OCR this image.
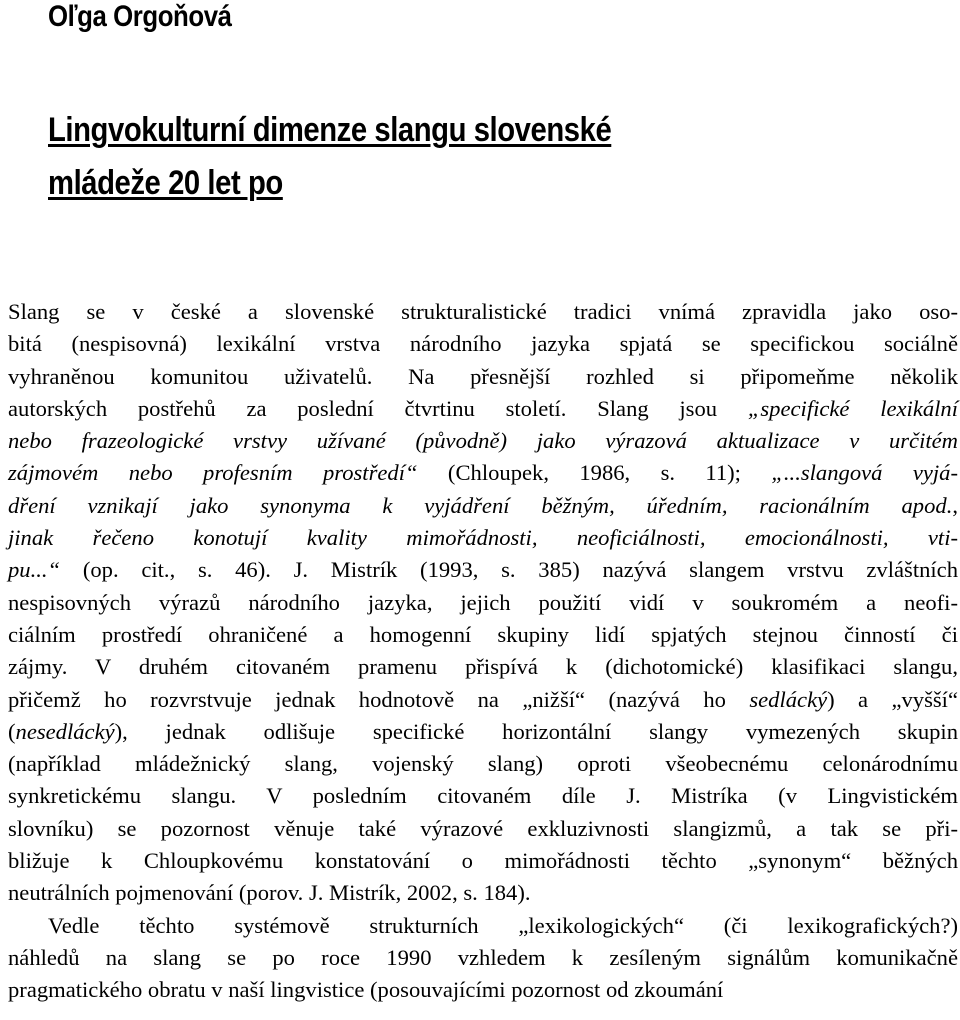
Oľga Orgoňová
Lingvokulturní dimenze slangu slovenské
mládeže 20 let po
Slang se v české a slovenské strukturalistické tradici vnímá zpravidla jako oso-
bitá (nespisovná) lexikální vrstva národního jazyka spjatá se specifickou sociálně
vyhraněnou komunitou uživatelů. Na přesnější rozhled si připomeňme několik
autorských postřehů za poslední čtvrtinu století. Slang jsou „specifické lexikální
nebo frazeologické vrstvy užívané (původně) jako výrazová aktualizace v určitém
zájmovém nebo profesním prostředí“ (Chloupek, 1986, s. 11); „...slangová vyjá-
dření vznikají jako synonyma k vyjádření běžným, úředním, racionálním apod.,
jinak řečeno konotují kvality mimořádnosti, neoficiálnosti, emocionálnosti, vti-
pu...“ (op. cit., s. 46). J. Mistrík (1993, s. 385) nazývá slangem vrstvu zvláštních
nespisovných výrazů národního jazyka, jejich použití vidí v soukromém a neofi-
ciálním prostředí ohraničené a homogenní skupiny lidí spjatých stejnou činností či
zájmy. V druhém citovaném pramenu přispívá k (dichotomické) klasifikaci slangu,
přičemž ho rozvrstvuje jednak hodnotově na „nižší“ (nazývá ho sedlácký) a „vyšší“
(nesedlácký), jednak odlišuje specifické horizontální slangy vymezených skupin
(například mládežnický slang, vojenský slang) oproti všeobecnému celonárodnímu
synkretickému slangu. V posledním citovaném díle J. Mistríka (v Lingvistickém
slovníku) se pozornost věnuje také výrazové exkluzivnosti slangizmů, a tak se při-
bližuje k Chloupkovému konstatování o mimořádnosti těchto „synonym“ běžných
neutrálních pojmenování (porov. J. Mistrík, 2002, s. 184).
Vedle těchto systémově strukturních „lexikologických“ (či lexikografických?)
náhledů na slang se po roce 1990 vzhledem k zesíleným signálům komunikačně
pragmatického obratu v naší lingvistice (posouvajícími pozornost od zkoumání
